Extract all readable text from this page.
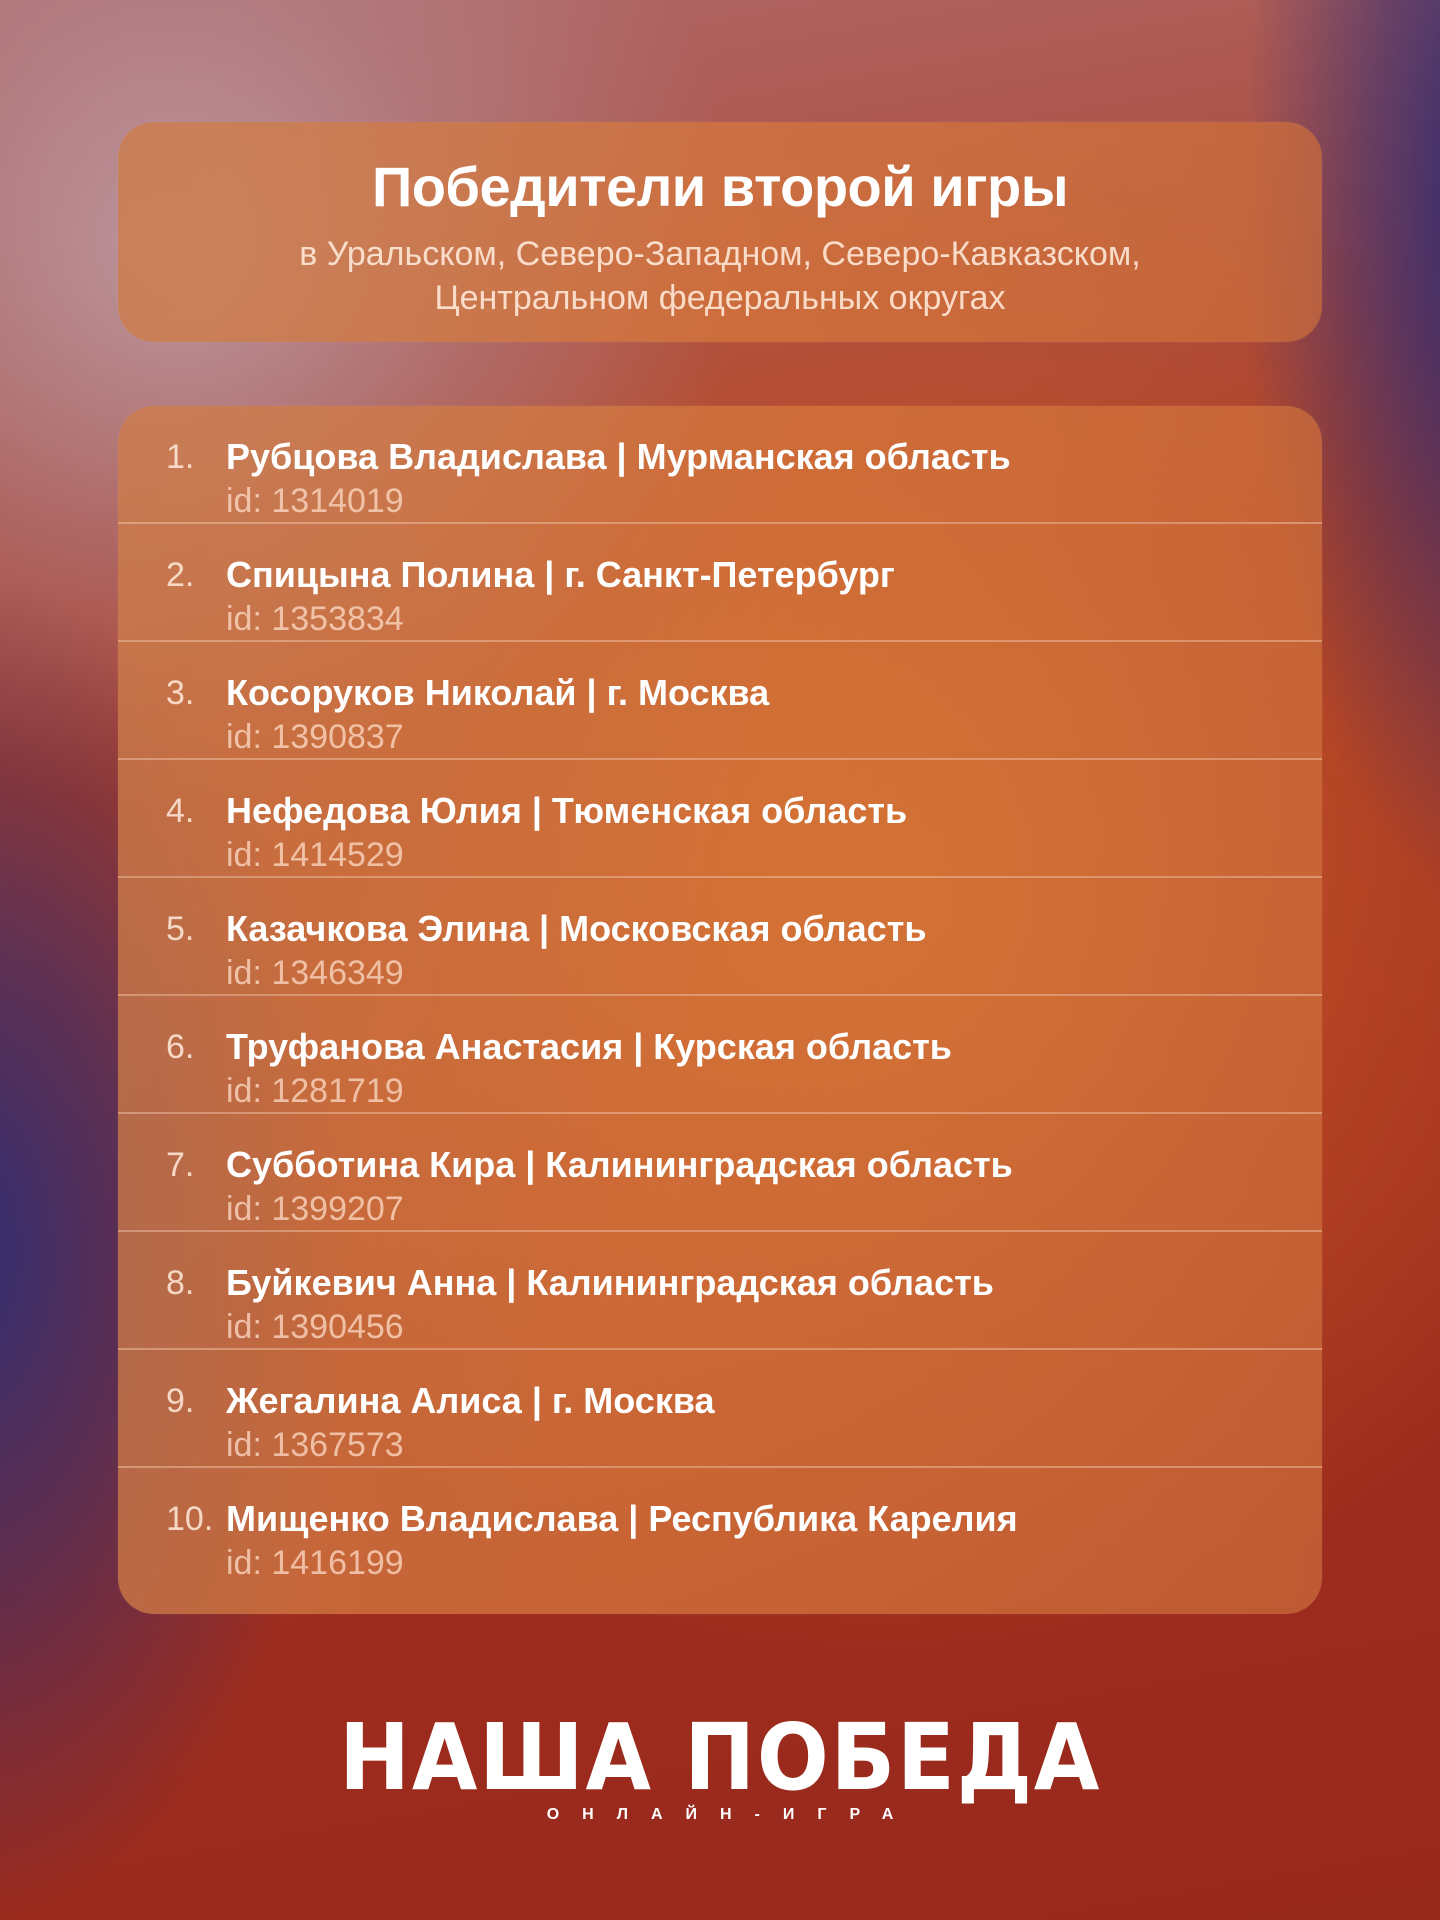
Победители второй игры
в Уральском, Северо-Западном, Северо-Кавказском,
Центральном федеральных округах
1. Рубцова Владислава | Мурманская область
id: 1314019
2. Спицына Полина | г. Санкт-Петербург
id: 1353834
3. Косоруков Николай | г. Москва
id: 1390837
4. Нефедова Юлия | Тюменская область
id: 1414529
5. Казачкова Элина | Московская область
id: 1346349
6. Труфанова Анастасия | Курская область
id: 1281719
7. Субботина Кира | Калининградская область
id: 1399207
8. Буйкевич Анна | Калининградская область
id: 1390456
9. Жегалина Алиса | г. Москва
id: 1367573
10. Мищенко Владислава | Республика Карелия
id: 1416199
НАША ПОБЕДА
ОНЛАЙН-ИГРА
